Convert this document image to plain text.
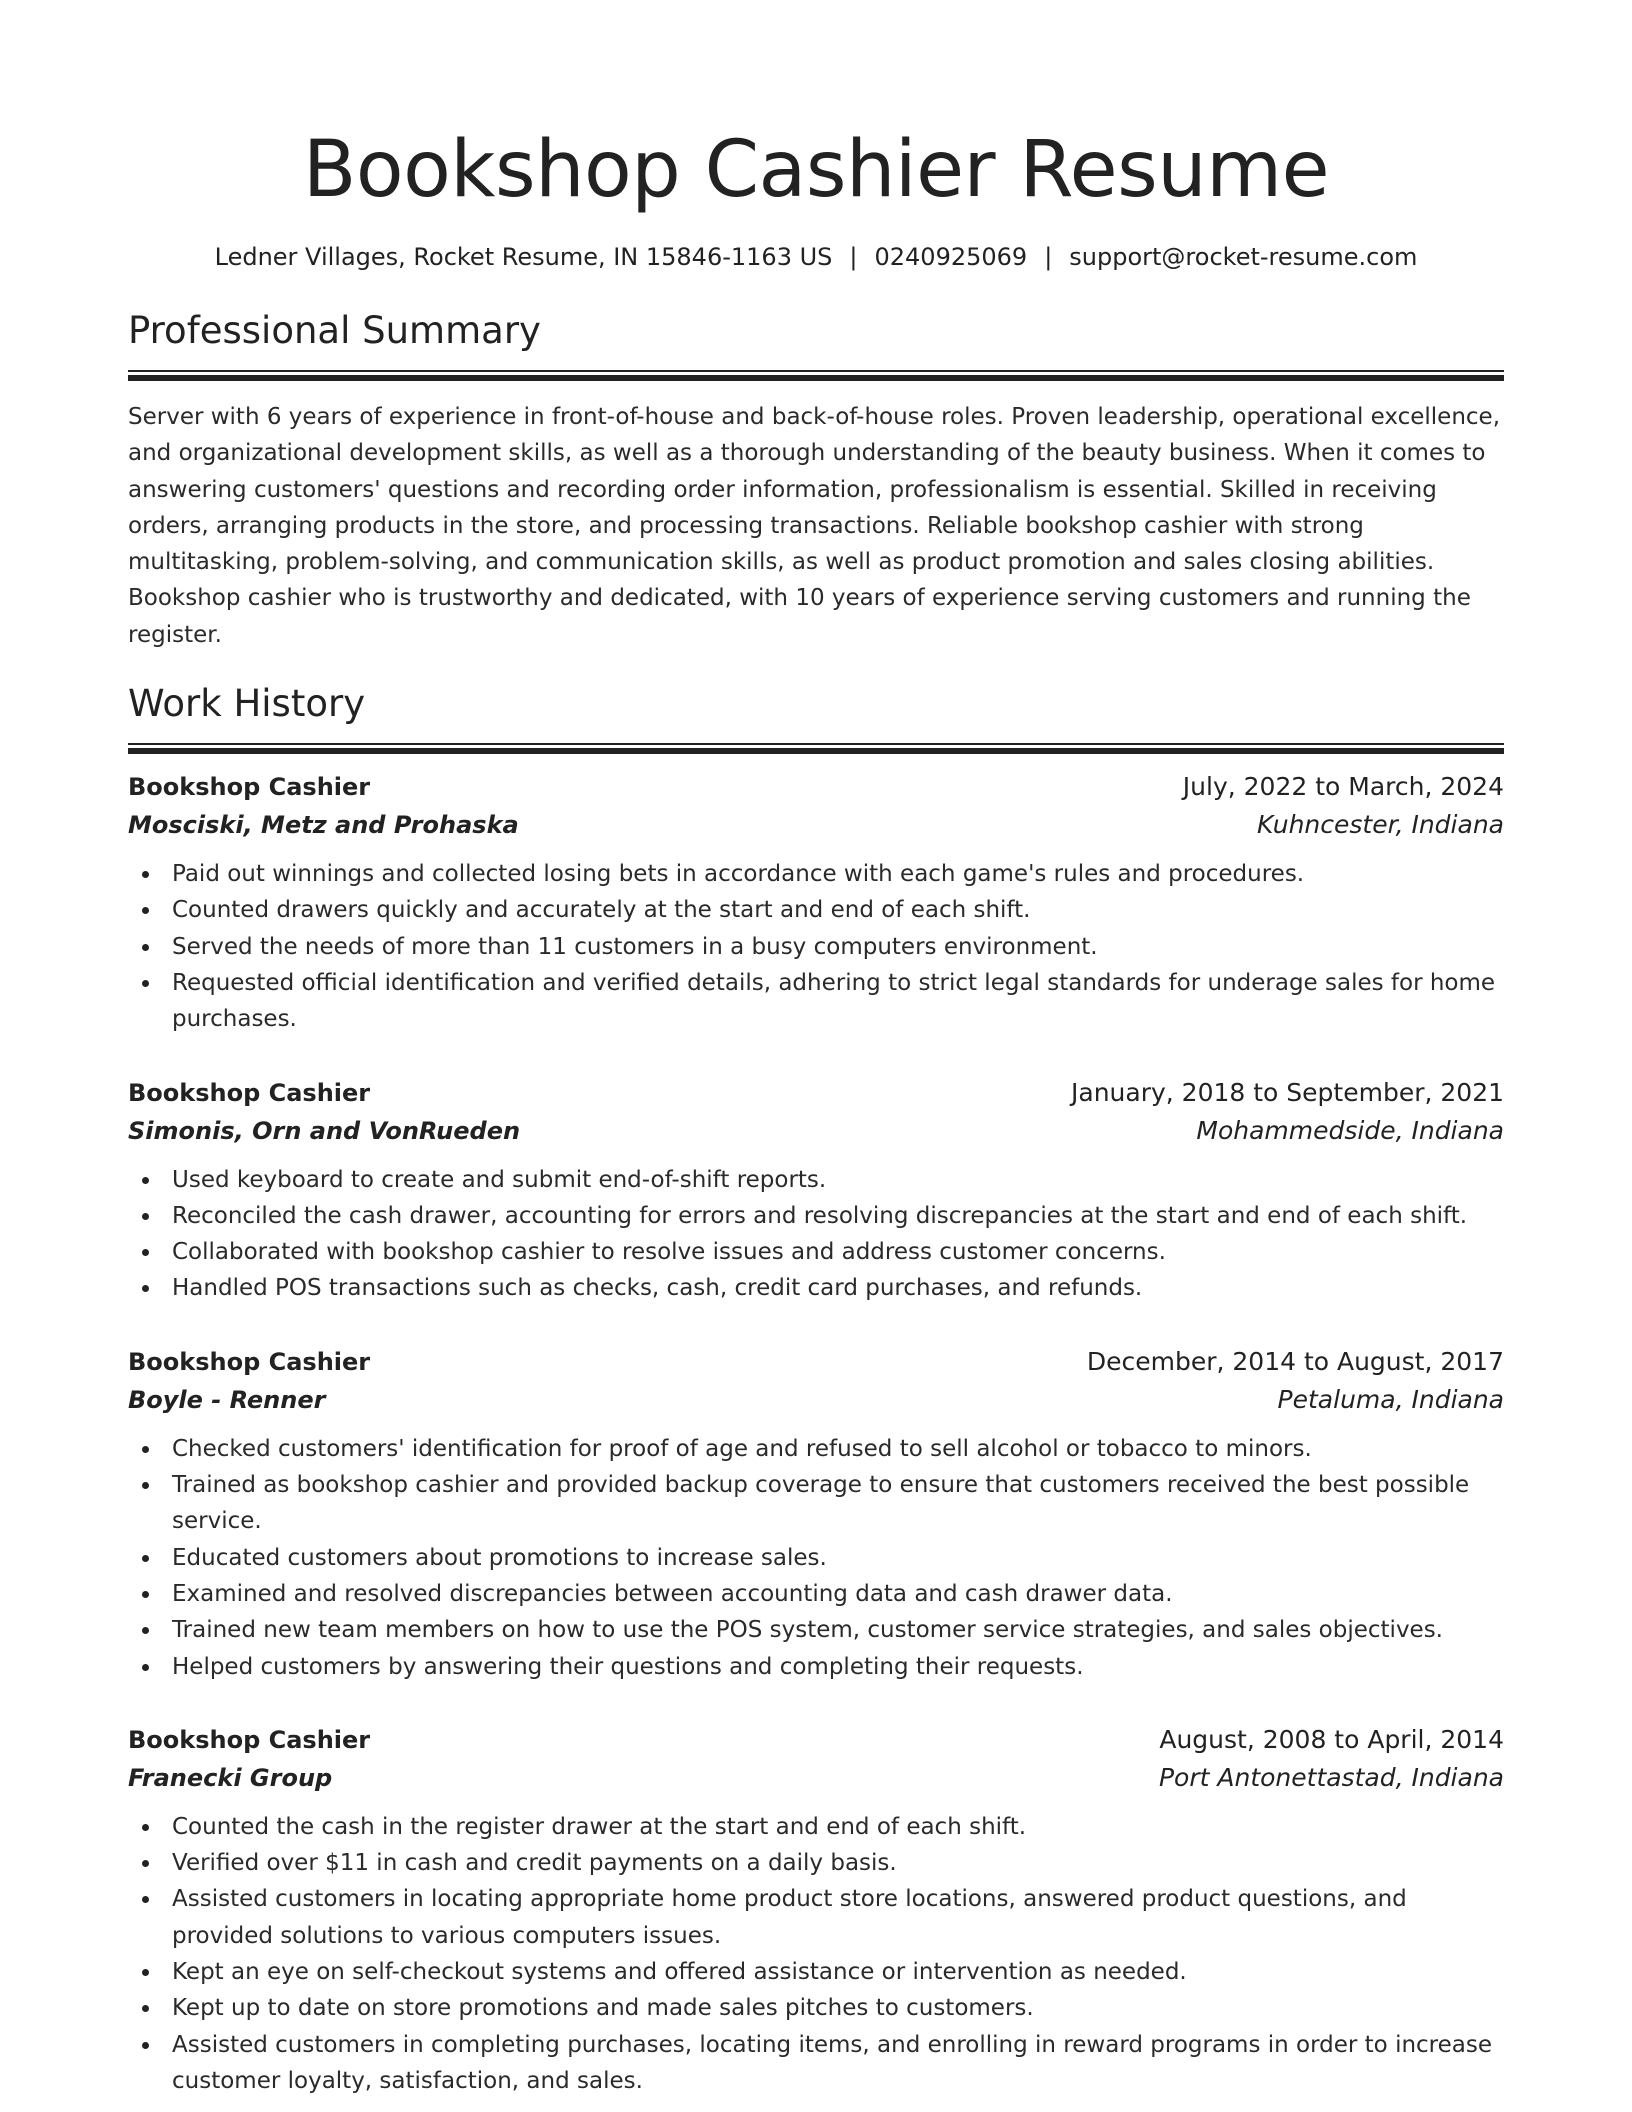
Bookshop Cashier Resume
Ledner Villages, Rocket Resume, IN 15846-1163 US | 0240925069 | support@rocket-resume.com
Professional Summary

Server with 6 years of experience in front-of-house and back-of-house roles. Proven leadership, operational excellence, and organizational development skills, as well as a thorough understanding of the beauty business. When it comes to answering customers' questions and recording order information, professionalism is essential. Skilled in receiving orders, arranging products in the store, and processing transactions. Reliable bookshop cashier with strong multitasking, problem-solving, and communication skills, as well as product promotion and sales closing abilities. Bookshop cashier who is trustworthy and dedicated, with 10 years of experience serving customers and running the register.

Work History
Bookshop Cashier	July, 2022 to March, 2024
Mosciski, Metz and Prohaska	Kuhncester, Indiana
Paid out winnings and collected losing bets in accordance with each game's rules and procedures.
Counted drawers quickly and accurately at the start and end of each shift.
Served the needs of more than 11 customers in a busy computers environment.
Requested official identification and verified details, adhering to strict legal standards for underage sales for home purchases.
Bookshop Cashier	January, 2018 to September, 2021
Simonis, Orn and VonRueden	Mohammedside, Indiana
Used keyboard to create and submit end-of-shift reports.
Reconciled the cash drawer, accounting for errors and resolving discrepancies at the start and end of each shift.
Collaborated with bookshop cashier to resolve issues and address customer concerns.
Handled POS transactions such as checks, cash, credit card purchases, and refunds.
Bookshop Cashier	December, 2014 to August, 2017
Boyle - Renner	Petaluma, Indiana
Checked customers' identification for proof of age and refused to sell alcohol or tobacco to minors.
Trained as bookshop cashier and provided backup coverage to ensure that customers received the best possible service.
Educated customers about promotions to increase sales.
Examined and resolved discrepancies between accounting data and cash drawer data.
Trained new team members on how to use the POS system, customer service strategies, and sales objectives.
Helped customers by answering their questions and completing their requests.
Bookshop Cashier	August, 2008 to April, 2014
Franecki Group	Port Antonettastad, Indiana
Counted the cash in the register drawer at the start and end of each shift.
Verified over $11 in cash and credit payments on a daily basis.
Assisted customers in locating appropriate home product store locations, answered product questions, and provided solutions to various computers issues.
Kept an eye on self-checkout systems and offered assistance or intervention as needed.
Kept up to date on store promotions and made sales pitches to customers.
Assisted customers in completing purchases, locating items, and enrolling in reward programs in order to increase customer loyalty, satisfaction, and sales.
